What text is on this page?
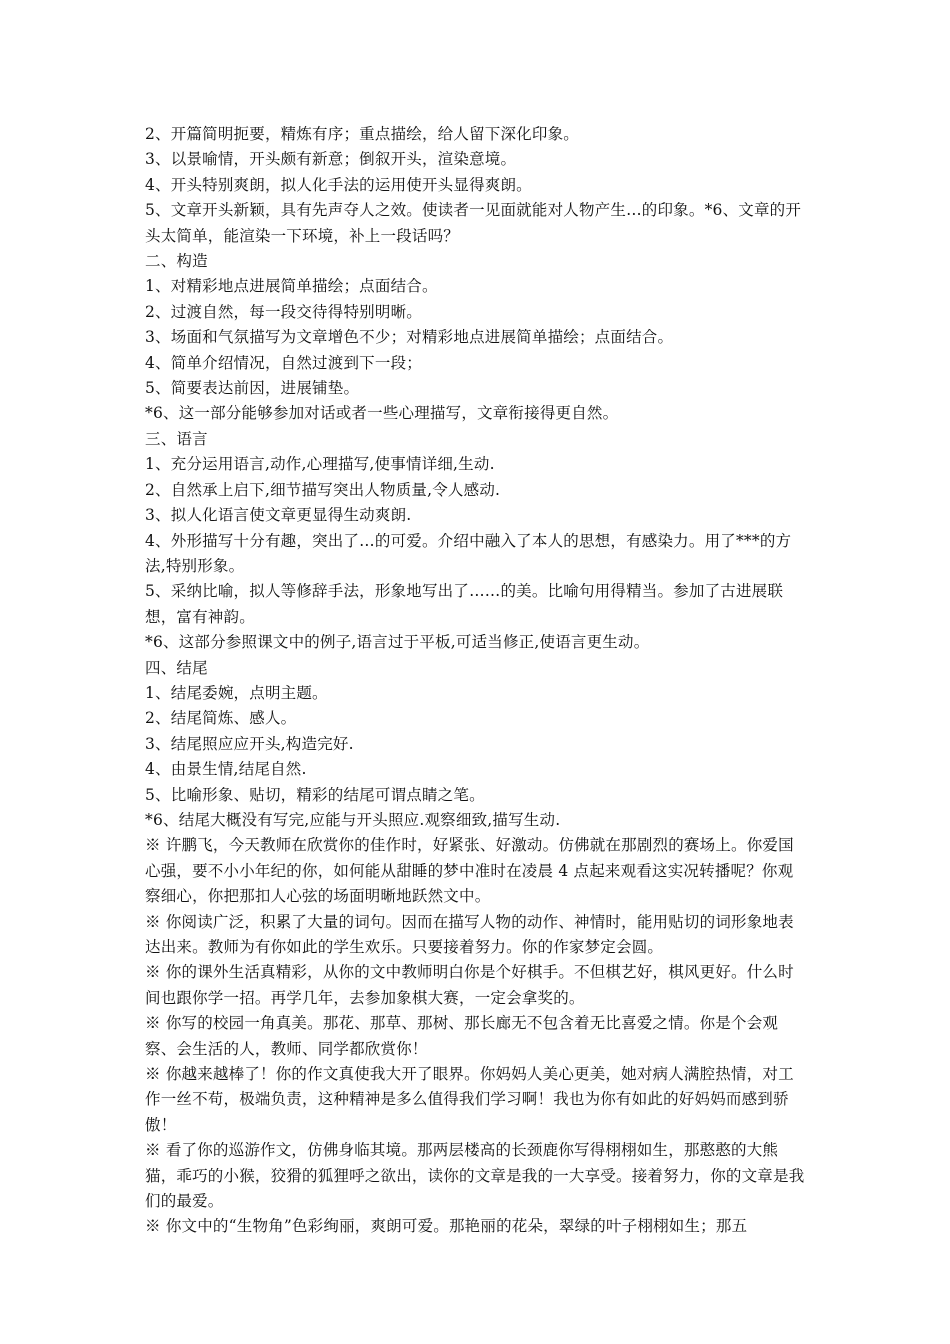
2、开篇简明扼要，精炼有序；重点描绘，给人留下深化印象。

3、以景喻情，开头颇有新意；倒叙开头，渲染意境。

4、开头特别爽朗，拟人化手法的运用使开头显得爽朗。

5、文章开头新颖，具有先声夺人之效。使读者一见面就能对人物产生…的印象。*6、文章的开头太简单，能渲染一下环境，补上一段话吗？

二、构造

1、对精彩地点进展简单描绘；点面结合。

2、过渡自然，每一段交待得特别明晰。

3、场面和气氛描写为文章增色不少；对精彩地点进展简单描绘；点面结合。

4、简单介绍情况，自然过渡到下一段；

5、简要表达前因，进展铺垫。

*6、这一部分能够参加对话或者一些心理描写，文章衔接得更自然。

三、语言

1、充分运用语言,动作,心理描写,使事情详细,生动.

2、自然承上启下,细节描写突出人物质量,令人感动.

3、拟人化语言使文章更显得生动爽朗.

4、外形描写十分有趣，突出了…的可爱。介绍中融入了本人的思想，有感染力。用了***的方法,特别形象。

5、采纳比喻，拟人等修辞手法，形象地写出了……的美。比喻句用得精当。参加了古进展联想，富有神韵。

*6、这部分参照课文中的例子,语言过于平板,可适当修正,使语言更生动。

四、结尾

1、结尾委婉，点明主题。

2、结尾简炼、感人。

3、结尾照应应开头,构造完好.

4、由景生情,结尾自然.

5、比喻形象、贴切，精彩的结尾可谓点睛之笔。

*6、结尾大概没有写完,应能与开头照应.观察细致,描写生动.

※ 许鹏飞，今天教师在欣赏你的佳作时，好紧张、好激动。仿佛就在那剧烈的赛场上。你爱国心强，要不小小年纪的你，如何能从甜睡的梦中准时在凌晨 4 点起来观看这实况转播呢？你观察细心，你把那扣人心弦的场面明晰地跃然文中。

※ 你阅读广泛，积累了大量的词句。因而在描写人物的动作、神情时，能用贴切的词形象地表达出来。教师为有你如此的学生欢乐。只要接着努力。你的作家梦定会圆。

※ 你的课外生活真精彩，从你的文中教师明白你是个好棋手。不但棋艺好，棋风更好。什么时间也跟你学一招。再学几年，去参加象棋大赛，一定会拿奖的。

※ 你写的校园一角真美。那花、那草、那树、那长廊无不包含着无比喜爱之情。你是个会观察、会生活的人，教师、同学都欣赏你！

※ 你越来越棒了！你的作文真使我大开了眼界。你妈妈人美心更美，她对病人满腔热情，对工作一丝不苟，极端负责，这种精神是多么值得我们学习啊！我也为你有如此的好妈妈而感到骄傲！

※ 看了你的巡游作文，仿佛身临其境。那两层楼高的长颈鹿你写得栩栩如生，那憨憨的大熊猫，乖巧的小猴，狡猾的狐狸呼之欲出，读你的文章是我的一大享受。接着努力，你的文章是我们的最爱。

※ 你文中的“生物角”色彩绚丽，爽朗可爱。那艳丽的花朵，翠绿的叶子栩栩如生；那五
